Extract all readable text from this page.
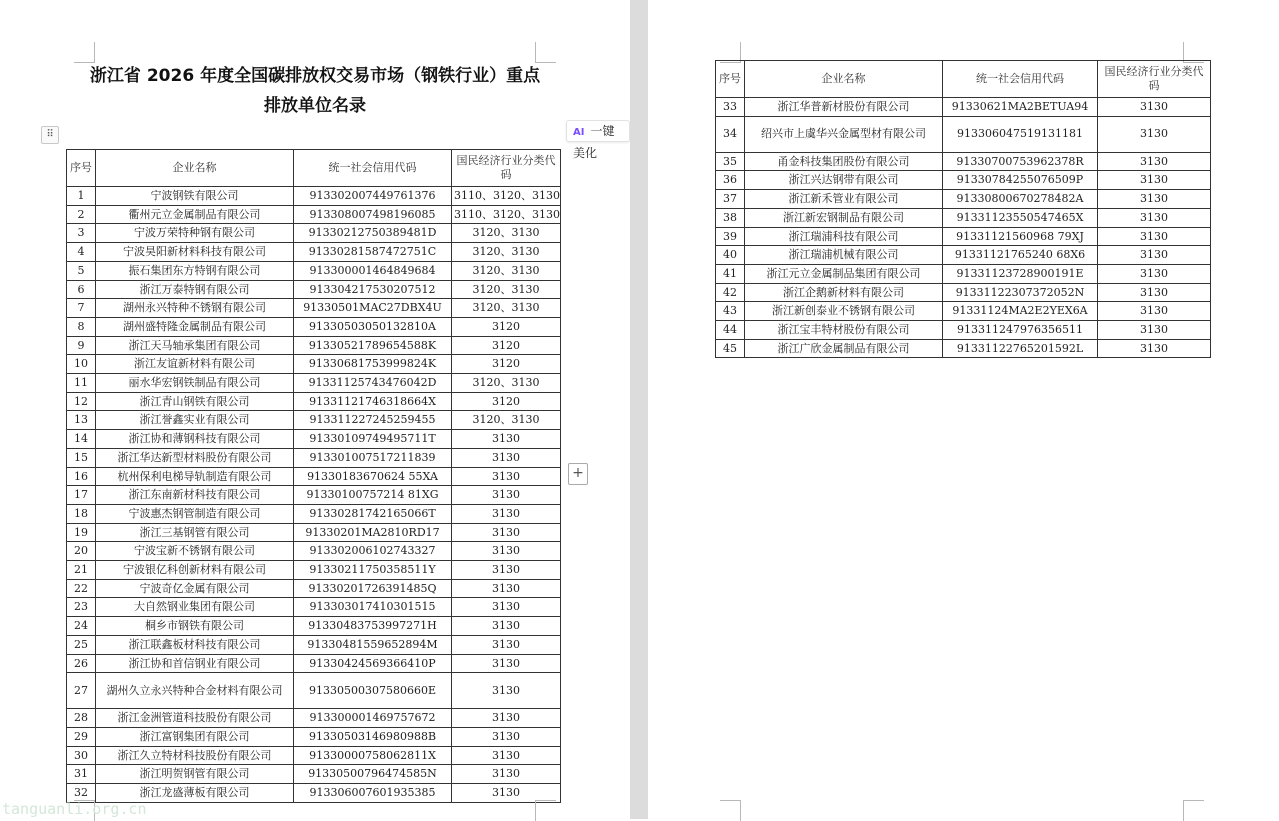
浙江省 2026 年度全国碳排放权交易市场（钢铁行业）重点
排放单位名录
序号	企业名称	统一社会信用代码	国民经济行业分类代码
1	宁波钢铁有限公司	913302007449761376	3110、3120、3130
2	衢州元立金属制品有限公司	913308007498196085	3110、3120、3130
3	宁波万荣特种钢有限公司	91330212750389481D	3120、3130
4	宁波昊阳新材料科技有限公司	91330281587472751C	3120、3130
5	振石集团东方特钢有限公司	913300001464849684	3120、3130
6	浙江万泰特钢有限公司	913304217530207512	3120、3130
7	湖州永兴特种不锈钢有限公司	91330501MAC27DBX4U	3120、3130
8	湖州盛特隆金属制品有限公司	91330503050132810A	3120
9	浙江天马轴承集团有限公司	91330521789654588K	3120
10	浙江友谊新材料有限公司	91330681753999824K	3120
11	丽水华宏钢铁制品有限公司	91331125743476042D	3120、3130
12	浙江青山钢铁有限公司	91331121746318664X	3120
13	浙江誉鑫实业有限公司	913311227245259455	3120、3130
14	浙江协和薄钢科技有限公司	91330109749495711T	3130
15	浙江华达新型材料股份有限公司	913301007517211839	3130
16	杭州保利电梯导轨制造有限公司	91330183670624 55XA	3130
17	浙江东南新材科技有限公司	91330100757214 81XG	3130
18	宁波惠杰钢管制造有限公司	91330281742165066T	3130
19	浙江三基钢管有限公司	91330201MA2810RD17	3130
20	宁波宝新不锈钢有限公司	913302006102743327	3130
21	宁波银亿科创新材料有限公司	91330211750358511Y	3130
22	宁波奇亿金属有限公司	91330201726391485Q	3130
23	大自然钢业集团有限公司	913303017410301515	3130
24	桐乡市钢铁有限公司	91330483753997271H	3130
25	浙江联鑫板材科技有限公司	91330481559652894M	3130
26	浙江协和首信钢业有限公司	91330424569366410P	3130
27	湖州久立永兴特种合金材料有限公司	91330500307580660E	3130
28	浙江金洲管道科技股份有限公司	913300001469757672	3130
29	浙江富钢集团有限公司	91330503146980988B	3130
30	浙江久立特材科技股份有限公司	91330000758062811X	3130
31	浙江明贺钢管有限公司	91330500796474585N	3130
32	浙江龙盛薄板有限公司	913306007601935385	3130
⠿	AI 一键美化
+
序号	企业名称	统一社会信用代码	国民经济行业分类代码
33	浙江华普新材股份有限公司	91330621MA2BETUA94	3130
34	绍兴市上虞华兴金属型材有限公司	913306047519131181	3130
35	甬金科技集团股份有限公司	91330700753962378R	3130
36	浙江兴达钢带有限公司	91330784255076509P	3130
37	浙江新禾管业有限公司	91330800670278482A	3130
38	浙江新宏钢制品有限公司	91331123550547465X	3130
39	浙江瑞浦科技有限公司	91331121560968 79XJ	3130
40	浙江瑞浦机械有限公司	91331121765240 68X6	3130
41	浙江元立金属制品集团有限公司	91331123728900191E	3130
42	浙江企鹅新材料有限公司	91331122307372052N	3130
43	浙江新创泰业不锈钢有限公司	91331124MA2E2YEX6A	3130
44	浙江宝丰特材股份有限公司	913311247976356511	3130
45	浙江广欣金属制品有限公司	91331122765201592L	3130
tanguanli.org.cn
